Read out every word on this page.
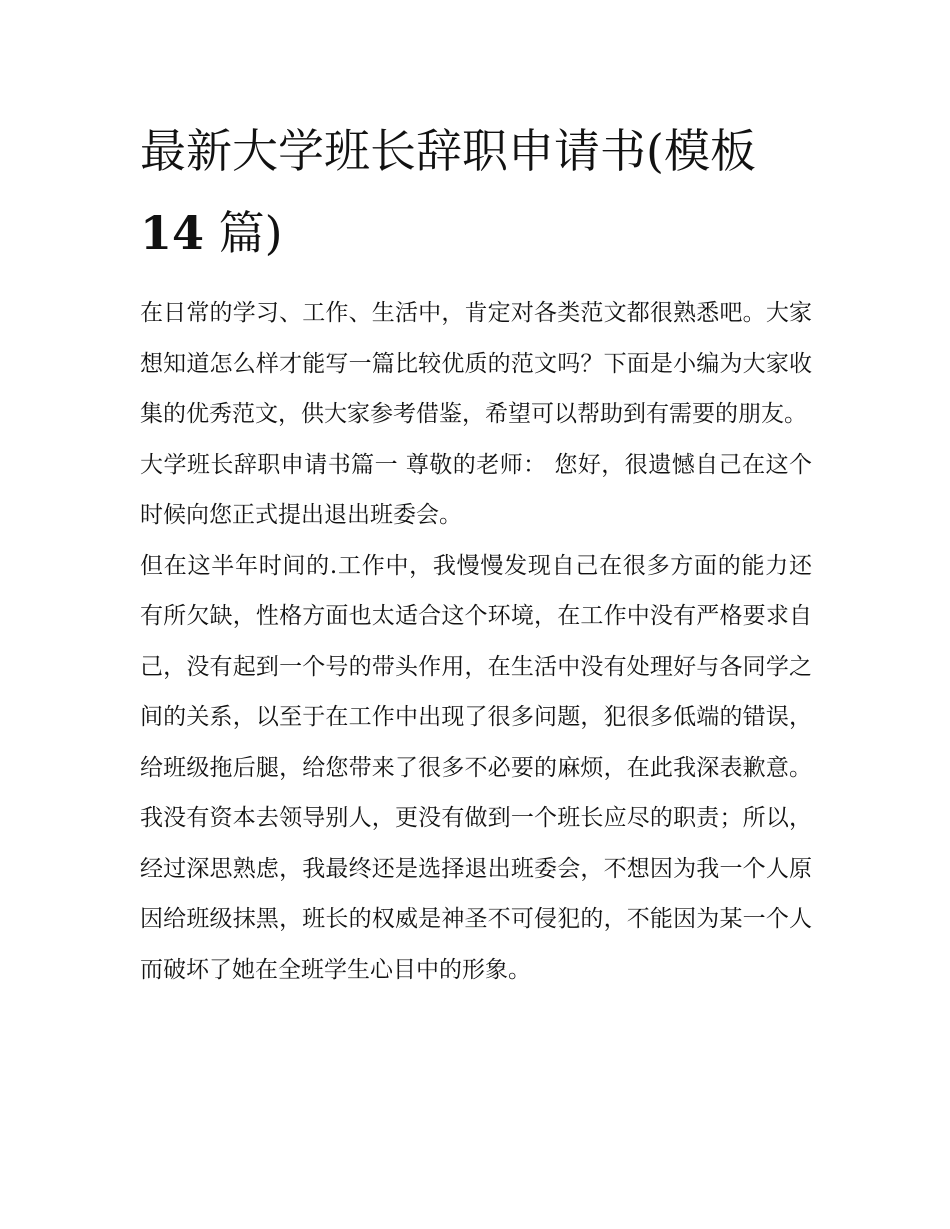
最新大学班长辞职申请书(模板 14 篇)

在日常的学习、工作、生活中，肯定对各类范文都很熟悉吧。大家想知道怎么样才能写一篇比较优质的范文吗？下面是小编为大家收集的优秀范文，供大家参考借鉴，希望可以帮助到有需要的朋友。

大学班长辞职申请书篇一 尊敬的老师： 您好，很遗憾自己在这个时候向您正式提出退出班委会。

但在这半年时间的.工作中，我慢慢发现自己在很多方面的能力还有所欠缺，性格方面也太适合这个环境，在工作中没有严格要求自己，没有起到一个号的带头作用，在生活中没有处理好与各同学之间的关系，以至于在工作中出现了很多问题，犯很多低端的错误，给班级拖后腿，给您带来了很多不必要的麻烦，在此我深表歉意。我没有资本去领导别人，更没有做到一个班长应尽的职责；所以，经过深思熟虑，我最终还是选择退出班委会，不想因为我一个人原因给班级抹黑，班长的权威是神圣不可侵犯的，不能因为某一个人而破坏了她在全班学生心目中的形象。
